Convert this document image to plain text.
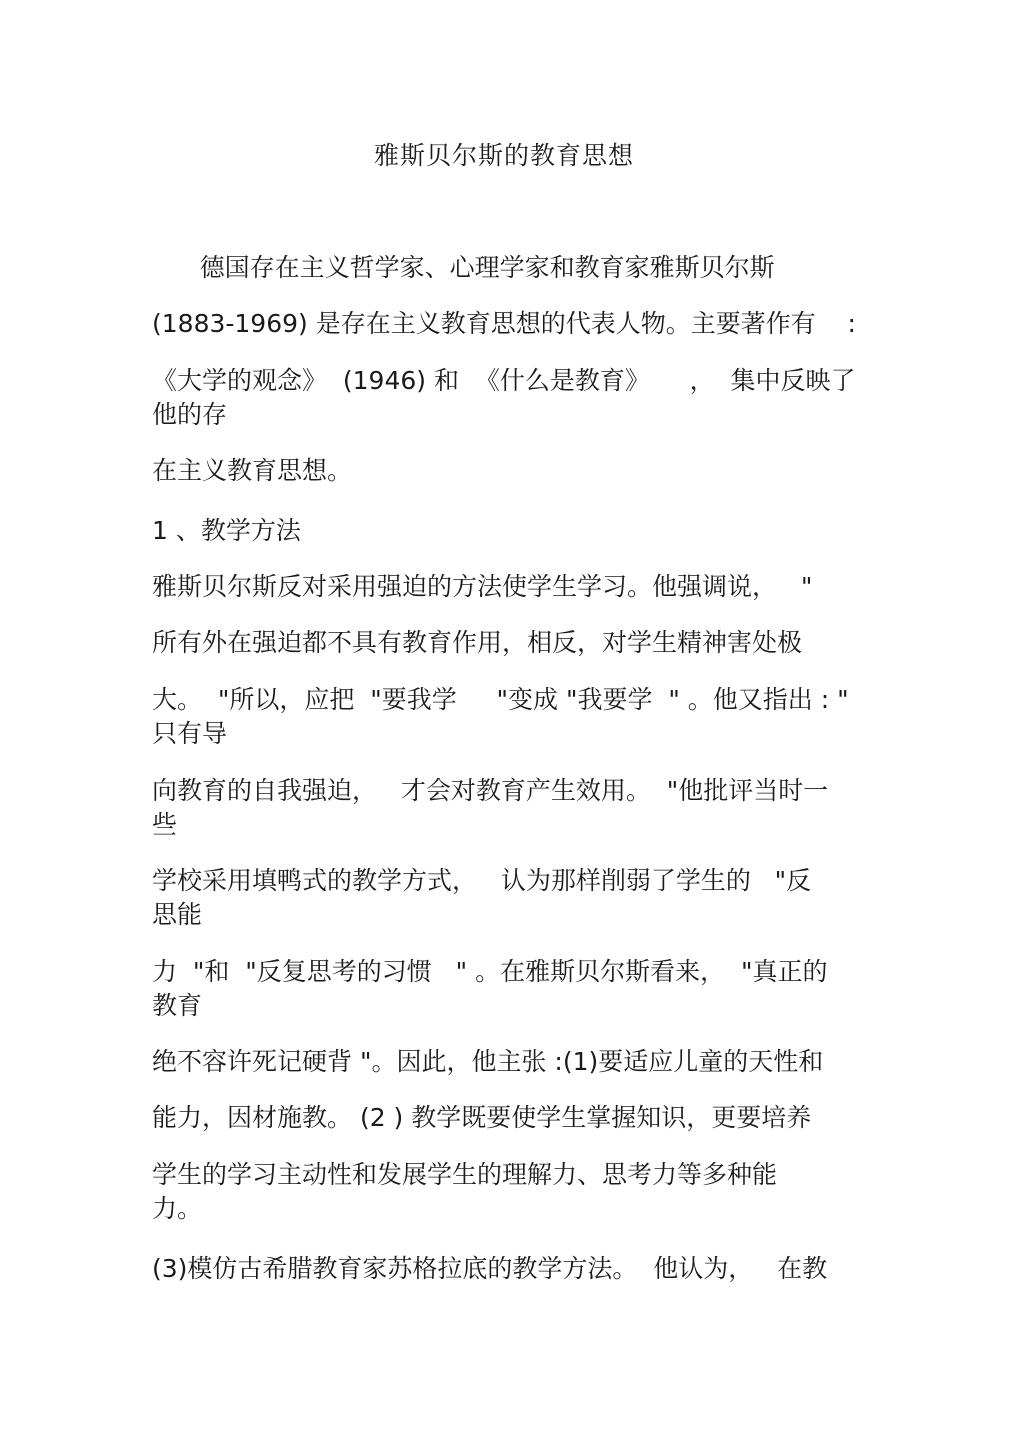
雅斯贝尔斯的教育思想
德国存在主义哲学家、心理学家和教育家雅斯贝尔斯
(1883-1969) 是存在主义教育思想的代表人物。主要著作有    :
《大学的观念》  (1946) 和  《什么是教育》     ，  集中反映了
他的存
在主义教育思想。
1 、教学方法
雅斯贝尔斯反对采用强迫的方法使学生学习。他强调说，   "
所有外在强迫都不具有教育作用，相反，对学生精神害处极
大。  "所以，应把  "要我学     "变成 "我要学  " 。他又指出 : "
只有导
向教育的自我强迫，   才会对教育产生效用。  "他批评当时一
些
学校采用填鸭式的教学方式，   认为那样削弱了学生的   "反
思能
力  "和  "反复思考的习惯   " 。在雅斯贝尔斯看来，  "真正的
教育
绝不容许死记硬背 "。因此，他主张 :(1)要适应儿童的天性和
能力，因材施教。 (2 ) 教学既要使学生掌握知识，更要培养
学生的学习主动性和发展学生的理解力、思考力等多种能
力。
(3)模仿古希腊教育家苏格拉底的教学方法。  他认为，   在教
